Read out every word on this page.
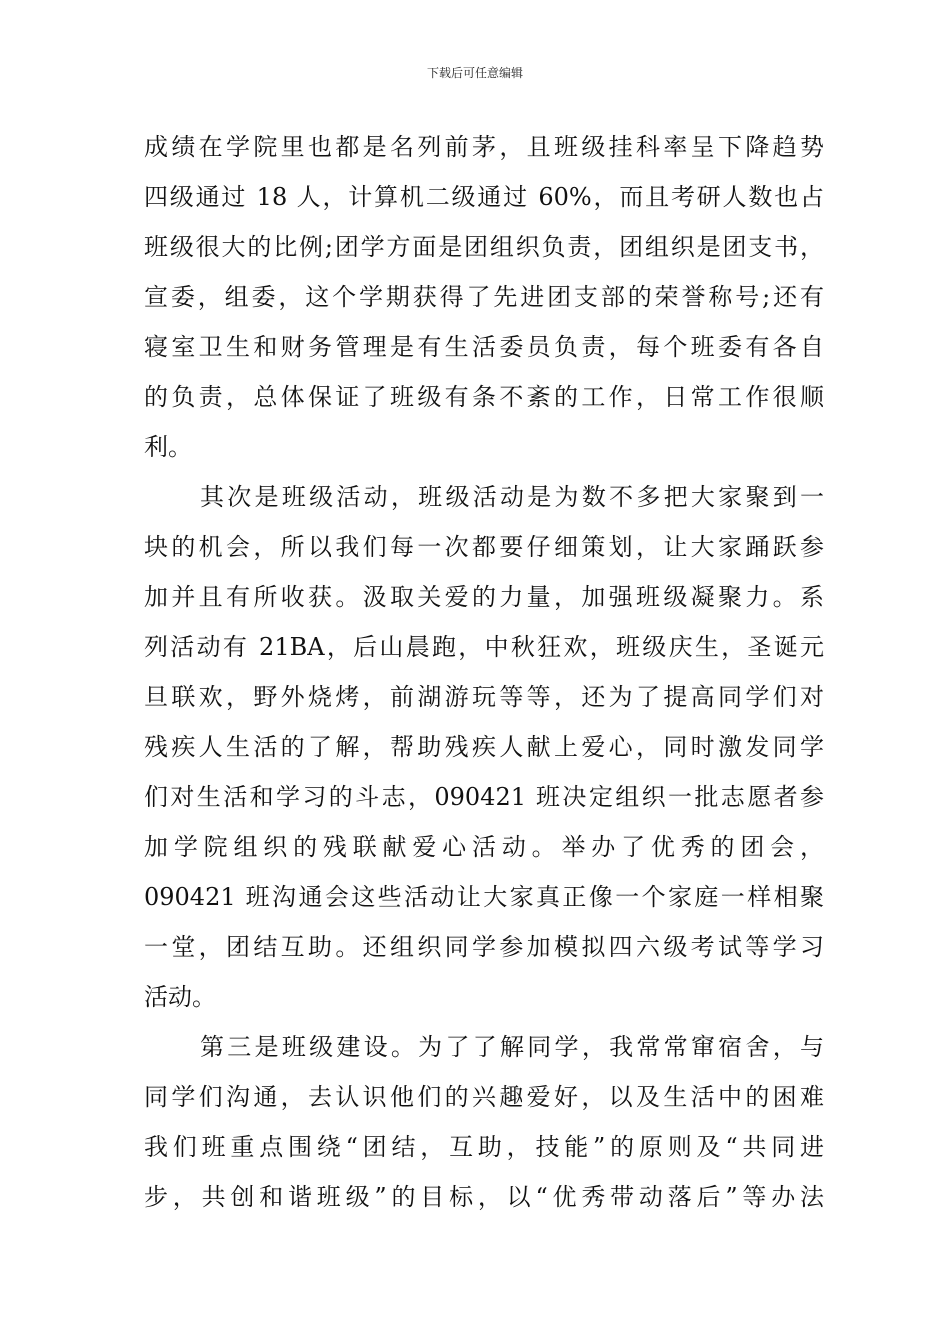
下载后可任意编辑
成绩在学院里也都是名列前茅，且班级挂科率呈下降趋势
四级通过 18 人，计算机二级通过 60%，而且考研人数也占
班级很大的比例;团学方面是团组织负责，团组织是团支书，
宣委，组委，这个学期获得了先进团支部的荣誉称号;还有
寝室卫生和财务管理是有生活委员负责，每个班委有各自
的负责，总体保证了班级有条不紊的工作，日常工作很顺
利。
其次是班级活动，班级活动是为数不多把大家聚到一
块的机会，所以我们每一次都要仔细策划，让大家踊跃参
加并且有所收获。汲取关爱的力量，加强班级凝聚力。系
列活动有 21BA，后山晨跑，中秋狂欢，班级庆生，圣诞元
旦联欢，野外烧烤，前湖游玩等等，还为了提高同学们对
残疾人生活的了解，帮助残疾人献上爱心，同时激发同学
们对生活和学习的斗志，090421 班决定组织一批志愿者参
加学院组织的残联献爱心活动。举办了优秀的团会，
090421 班沟通会这些活动让大家真正像一个家庭一样相聚
一堂，团结互助。还组织同学参加模拟四六级考试等学习
活动。
第三是班级建设。为了了解同学，我常常窜宿舍，与
同学们沟通，去认识他们的兴趣爱好，以及生活中的困难
我们班重点围绕“团结，互助，技能”的原则及“共同进
步，共创和谐班级”的目标，以“优秀带动落后”等办法
